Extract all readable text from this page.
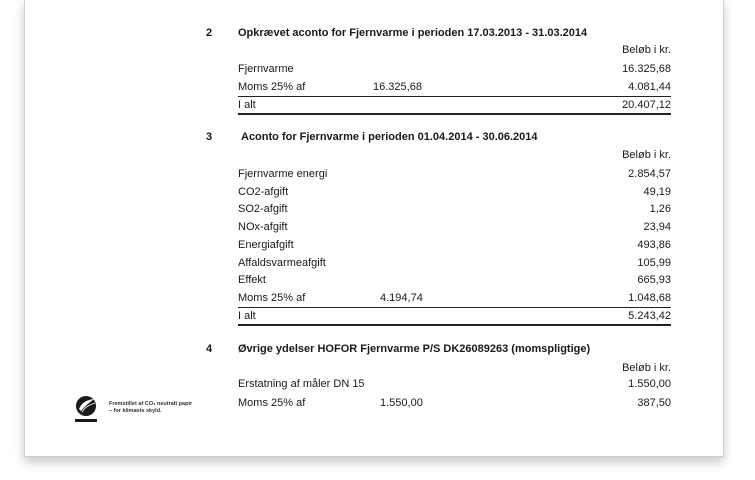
2 Opkrævet aconto for Fjernvarme i perioden 17.03.2013 - 31.03.2014
Beløb i kr.
Fjernvarme	16.325,68
Moms 25% af	16.325,68	4.081,44
I alt	20.407,12
3	Aconto for Fjernvarme i perioden 01.04.2014 - 30.06.2014
Beløb i kr.
Fjernvarme energi	2.854,57
CO2-afgift	49,19
SO2-afgift	1,26
NOx-afgift	23,94
Energiafgift	493,86
Affaldsvarmeafgift	105,99
Effekt	665,93
Moms 25% af	4.194,74	1.048,68
I alt	5.243,42
4 Øvrige ydelser HOFOR Fjernvarme P/S DK26089263 (momspligtige)
Beløb i kr.
Erstatning af måler DN 15	1.550,00
Moms 25% af	1.550,00	387,50
Fremstillet af CO₂ neutralt papir
– for klimaets skyld.
